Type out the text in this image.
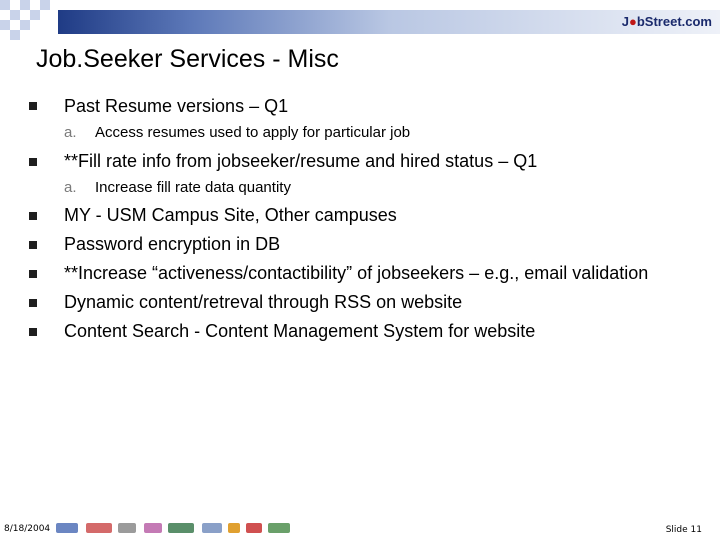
J●bStreet.com
Job.Seeker Services - Misc
Past Resume versions – Q1
a. Access resumes used to apply for particular job
**Fill rate info from jobseeker/resume and hired status – Q1
a. Increase fill rate data quantity
MY - USM Campus Site, Other campuses
Password encryption in DB
**Increase “activeness/contactibility” of jobseekers – e.g., email validation
Dynamic content/retreval through RSS on website
Content Search - Content Management System for website
8/18/2004	Slide 11
